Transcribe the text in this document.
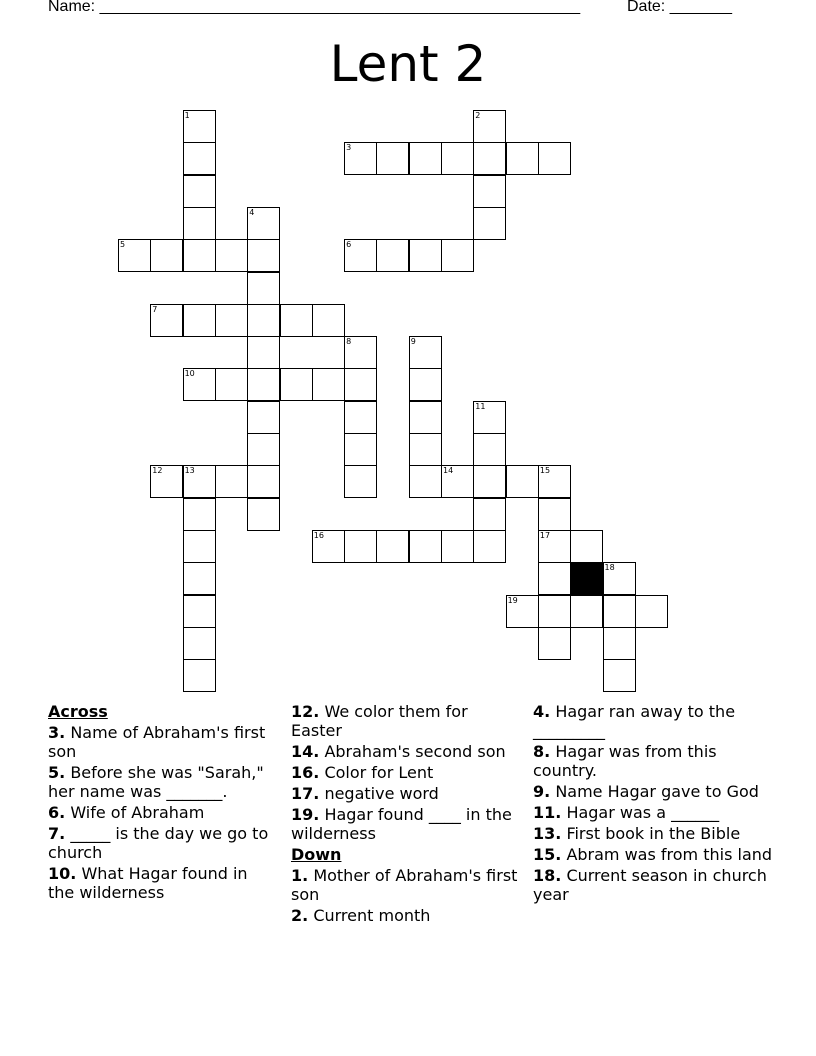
Name: ______________________________________________________

	Date: _______

Lent 2
1	2
3
4
5	6
7
8	9
10
11
12	13	14	15
16	17
18
19
Across
3. Name of Abraham's first son
5. Before she was "Sarah," her name was _______.
6. Wife of Abraham
7. _____ is the day we go to church
10. What Hagar found in the wilderness
12. We color them for Easter
14. Abraham's second son
16. Color for Lent
17. negative word
19. Hagar found ____ in the wilderness
Down
1. Mother of Abraham's first son
2. Current month
4. Hagar ran away to the _________
8. Hagar was from this country.
9. Name Hagar gave to God
11. Hagar was a ______
13. First book in the Bible
15. Abram was from this land
18. Current season in church year
